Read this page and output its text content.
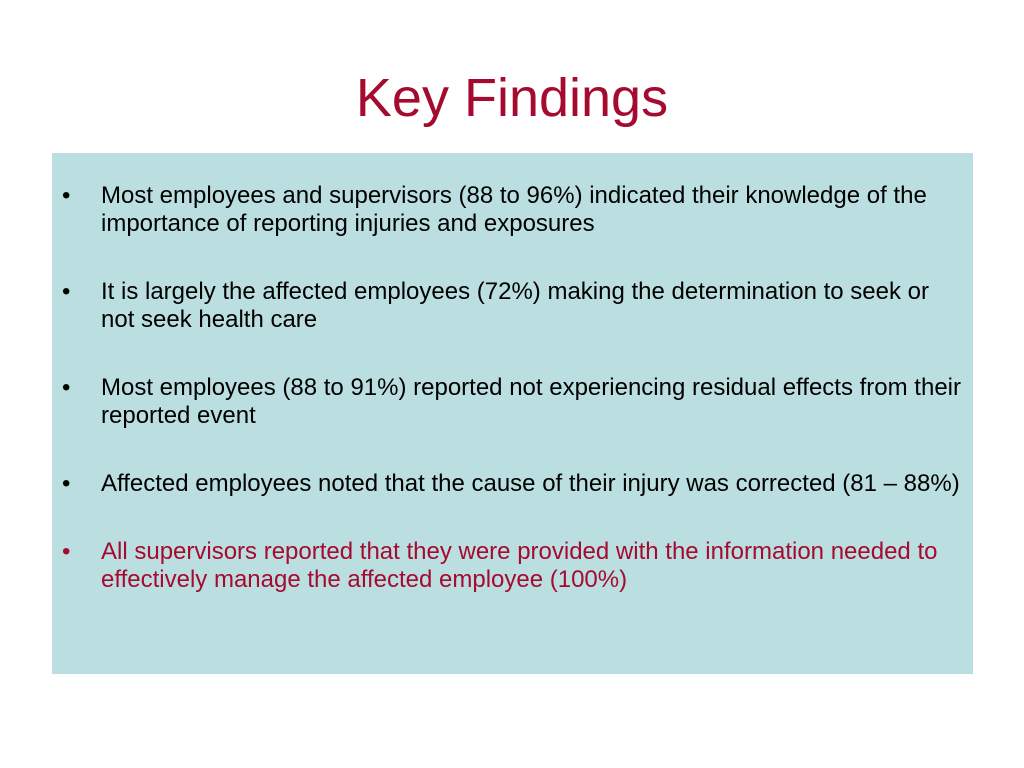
Key Findings
•	Most employees and supervisors (88 to 96%) indicated their knowledge of the importance of reporting injuries and exposures
•	It is largely the affected employees (72%) making the determination to seek or not seek health care
•	Most employees (88 to 91%) reported not experiencing residual effects from their reported event
•	Affected employees noted that the cause of their injury was corrected (81 – 88%)
•	All supervisors reported that they were provided with the information needed to effectively manage the affected employee (100%)
